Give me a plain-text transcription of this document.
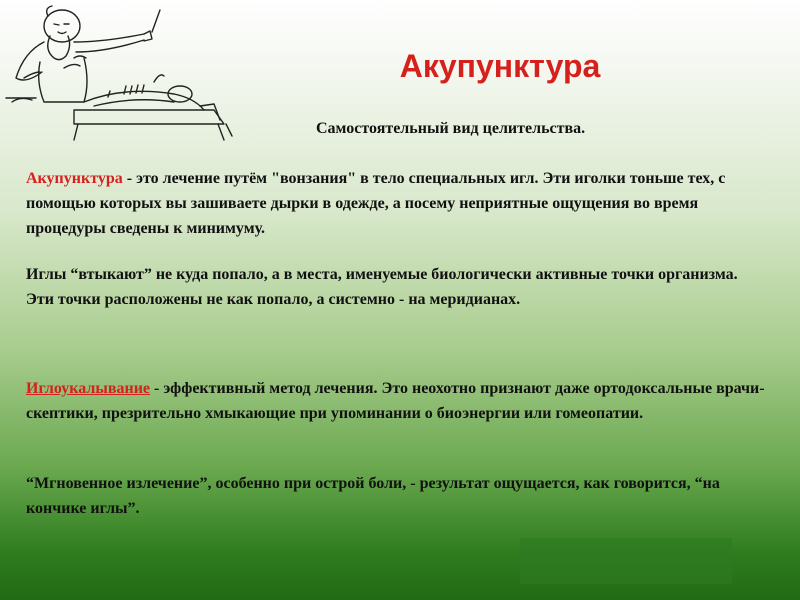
Акупунктура

Самостоятельный вид целительства.

Акупунктура - это лечение путём "вонзания" в тело специальных игл. Эти иголки тоньше тех, с помощью которых вы зашиваете дырки в одежде, а посему неприятные ощущения во время процедуры сведены к минимуму.

Иглы “втыкают” не куда попало, а в места, именуемые биологически активные точки организма. Эти точки расположены не как попало, а системно - на меридианах.

Иглоукалывание - эффективный метод лечения. Это неохотно признают даже ортодоксальные врачи-скептики, презрительно хмыкающие при упоминании о биоэнергии или гомеопатии.

“Мгновенное излечение”, особенно при острой боли, - результат ощущается, как говорится, “на кончике иглы”.
